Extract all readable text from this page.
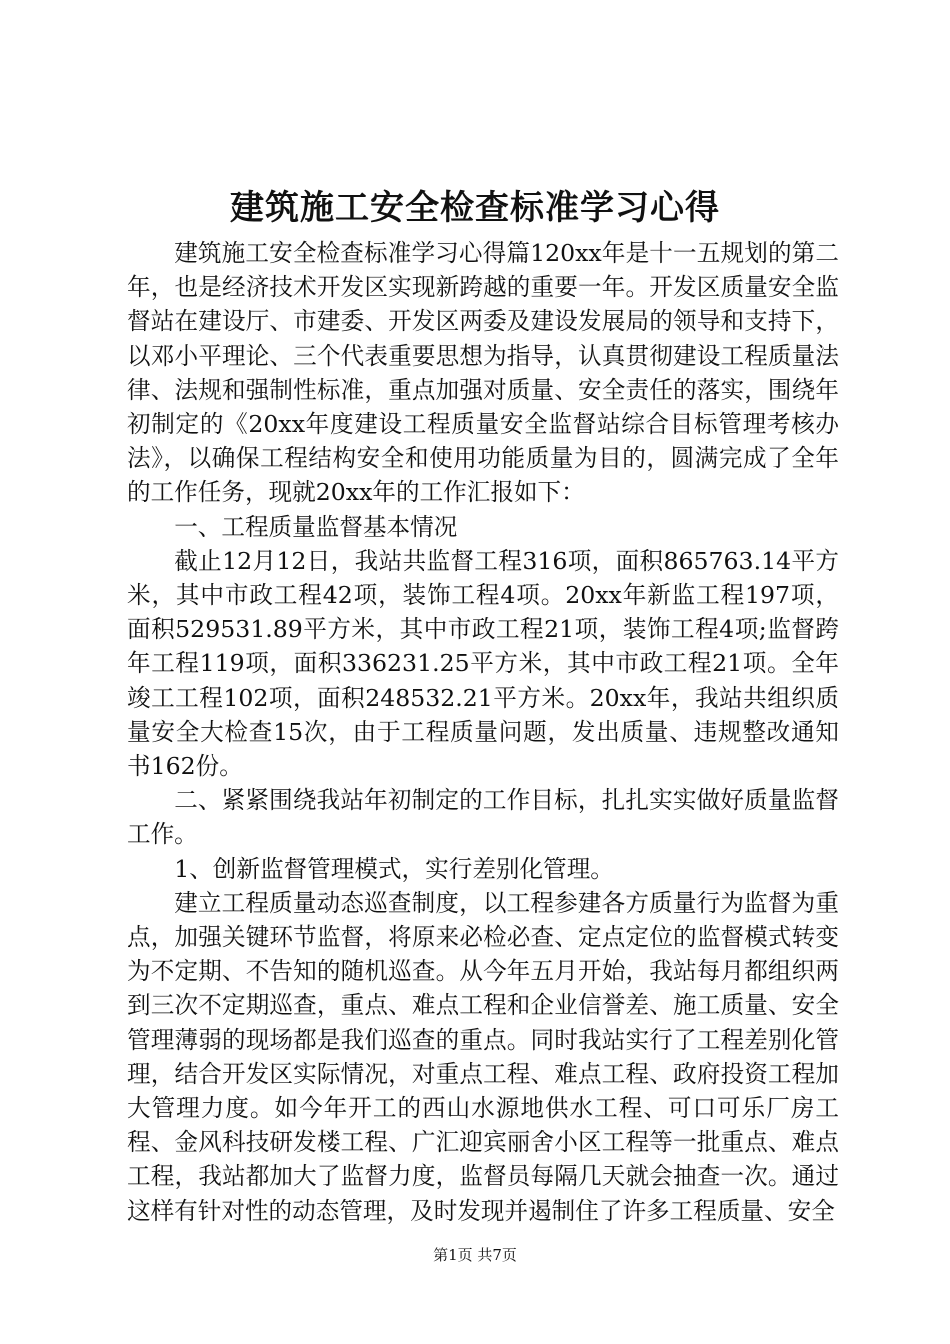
建筑施工安全检查标准学习心得

建筑施工安全检查标准学习心得篇120xx年是十一五规划的第二年，也是经济技术开发区实现新跨越的重要一年。开发区质量安全监督站在建设厅、市建委、开发区两委及建设发展局的领导和支持下，以邓小平理论、三个代表重要思想为指导，认真贯彻建设工程质量法律、法规和强制性标准，重点加强对质量、安全责任的落实，围绕年初制定的《20xx年度建设工程质量安全监督站综合目标管理考核办法》，以确保工程结构安全和使用功能质量为目的，圆满完成了全年的工作任务，现就20xx年的工作汇报如下：

一、工程质量监督基本情况

截止12月12日，我站共监督工程316项，面积865763.14平方米，其中市政工程42项，装饰工程4项。20xx年新监工程197项，面积529531.89平方米，其中市政工程21项，装饰工程4项;监督跨年工程119项，面积336231.25平方米，其中市政工程21项。全年竣工工程102项，面积248532.21平方米。20xx年，我站共组织质量安全大检查15次，由于工程质量问题，发出质量、违规整改通知书162份。

二、紧紧围绕我站年初制定的工作目标，扎扎实实做好质量监督工作。

1、创新监督管理模式，实行差别化管理。

建立工程质量动态巡查制度，以工程参建各方质量行为监督为重点，加强关键环节监督，将原来必检必查、定点定位的监督模式转变为不定期、不告知的随机巡查。从今年五月开始，我站每月都组织两到三次不定期巡查，重点、难点工程和企业信誉差、施工质量、安全管理薄弱的现场都是我们巡查的重点。同时我站实行了工程差别化管理，结合开发区实际情况，对重点工程、难点工程、政府投资工程加大管理力度。如今年开工的西山水源地供水工程、可口可乐厂房工程、金风科技研发楼工程、广汇迎宾丽舍小区工程等一批重点、难点工程，我站都加大了监督力度，监督员每隔几天就会抽查一次。通过这样有针对性的动态管理，及时发现并遏制住了许多工程质量、安全

第1页 共7页
